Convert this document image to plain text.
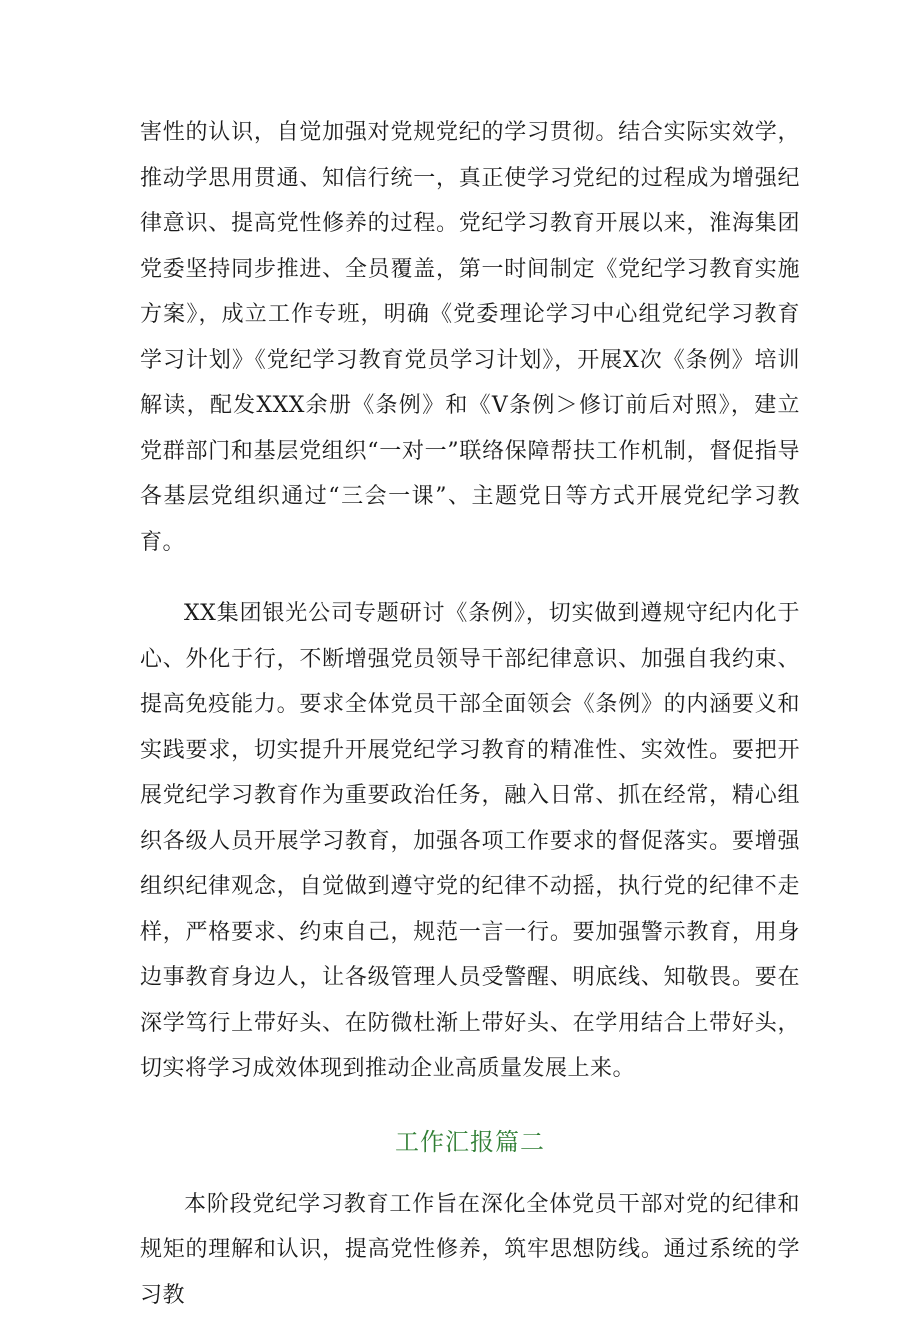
害性的认识，自觉加强对党规党纪的学习贯彻。结合实际实效学，推动学思用贯通、知信行统一，真正使学习党纪的过程成为增强纪律意识、提高党性修养的过程。党纪学习教育开展以来，淮海集团党委坚持同步推进、全员覆盖，第一时间制定《党纪学习教育实施方案》，成立工作专班，明确《党委理论学习中心组党纪学习教育学习计划》《党纪学习教育党员学习计划》，开展X次《条例》培训解读，配发XXX余册《条例》和《V条例＞修订前后对照》，建立党群部门和基层党组织“一对一”联络保障帮扶工作机制，督促指导各基层党组织通过“三会一课”、主题党日等方式开展党纪学习教育。

XX集团银光公司专题研讨《条例》，切实做到遵规守纪内化于心、外化于行，不断增强党员领导干部纪律意识、加强自我约束、提高免疫能力。要求全体党员干部全面领会《条例》的内涵要义和实践要求，切实提升开展党纪学习教育的精准性、实效性。要把开展党纪学习教育作为重要政治任务，融入日常、抓在经常，精心组织各级人员开展学习教育，加强各项工作要求的督促落实。要增强组织纪律观念，自觉做到遵守党的纪律不动摇，执行党的纪律不走样，严格要求、约束自己，规范一言一行。要加强警示教育，用身边事教育身边人，让各级管理人员受警醒、明底线、知敬畏。要在深学笃行上带好头、在防微杜渐上带好头、在学用结合上带好头，切实将学习成效体现到推动企业高质量发展上来。

工作汇报篇二

本阶段党纪学习教育工作旨在深化全体党员干部对党的纪律和规矩的理解和认识，提高党性修养，筑牢思想防线。通过系统的学习教
